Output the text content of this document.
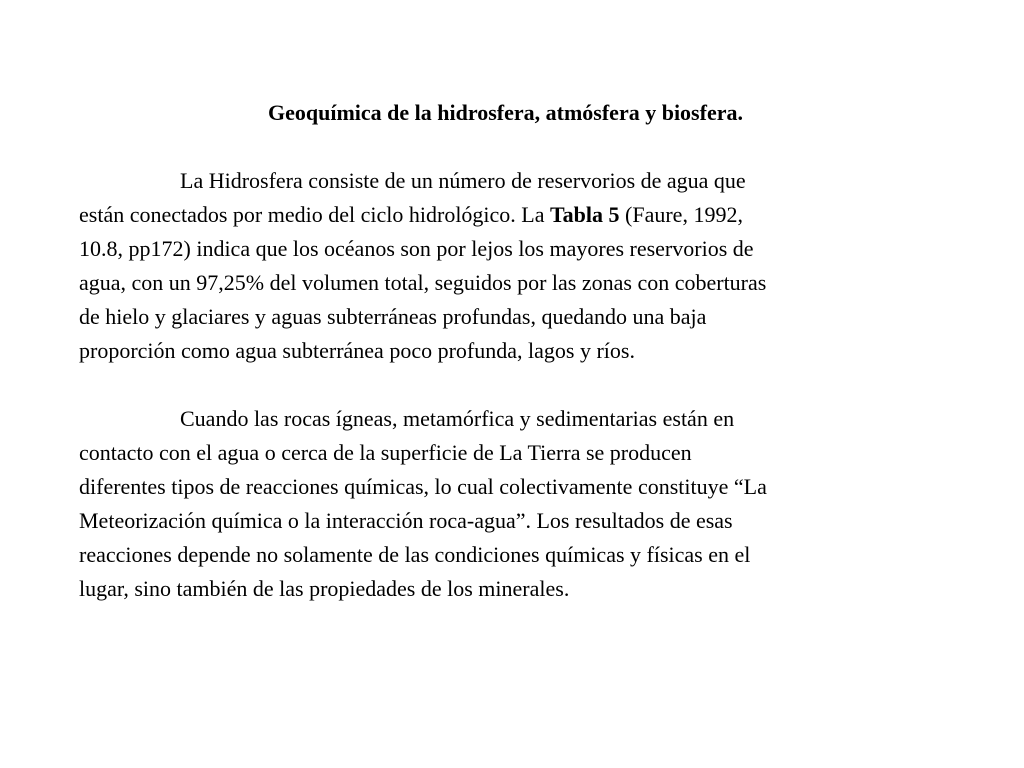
Geoquímica de la hidrosfera, atmósfera y biosfera.
La Hidrosfera consiste de un número de reservorios de agua que
están conectados por medio del ciclo hidrológico. La Tabla 5 (Faure, 1992,
10.8, pp172) indica que los océanos son por lejos los mayores reservorios de
agua, con un 97,25% del volumen total, seguidos por las zonas con coberturas
de hielo y glaciares y aguas subterráneas profundas, quedando una baja
proporción como agua subterránea poco profunda, lagos y ríos.
Cuando las rocas ígneas, metamórfica y sedimentarias están en
contacto con el agua o cerca de la superficie de La Tierra se producen
diferentes tipos de reacciones químicas, lo cual colectivamente constituye “La
Meteorización química o la interacción roca-agua”. Los resultados de esas
reacciones depende no solamente de las condiciones químicas y físicas en el
lugar, sino también de las propiedades de los minerales.
